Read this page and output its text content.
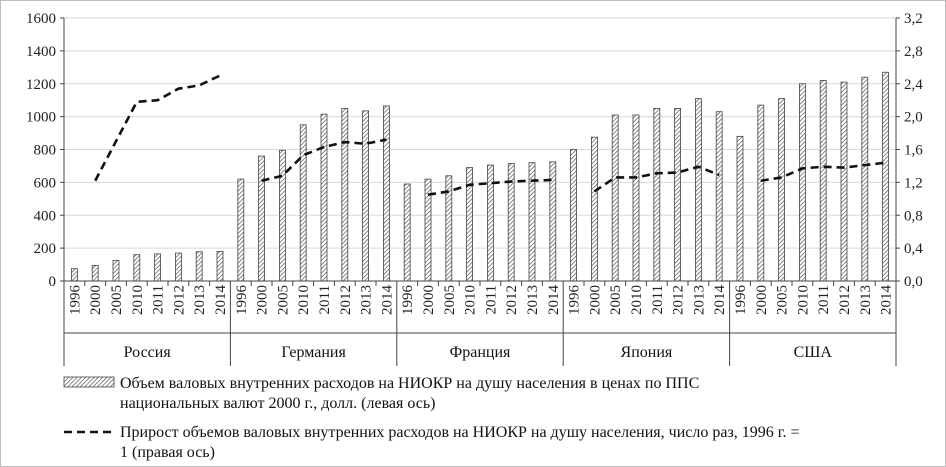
0
200
400
600
800
1000
1200
1400
1600
0,0
0,4
0,8
1,2
1,6
2,0
2,4
2,8
3,2
1996 2000 2005 2010 2011 2012 2013 2014
Россия
1996 2000 2005 2010 2011 2012 2013 2014
Германия
1996 2000 2005 2010 2011 2012 2013 2014
Франция
1996 2000 2005 2010 2011 2012 2013 2014
Япония
1996 2000 2005 2010 2011 2012 2013 2014
США
Объем валовых внутренних расходов на НИОКР на душу населения в ценах по ППС
национальных валют 2000 г., долл. (левая ось)
Прирост объемов валовых внутренних расходов на НИОКР на душу населения, число раз, 1996 г. =
1 (правая ось)
